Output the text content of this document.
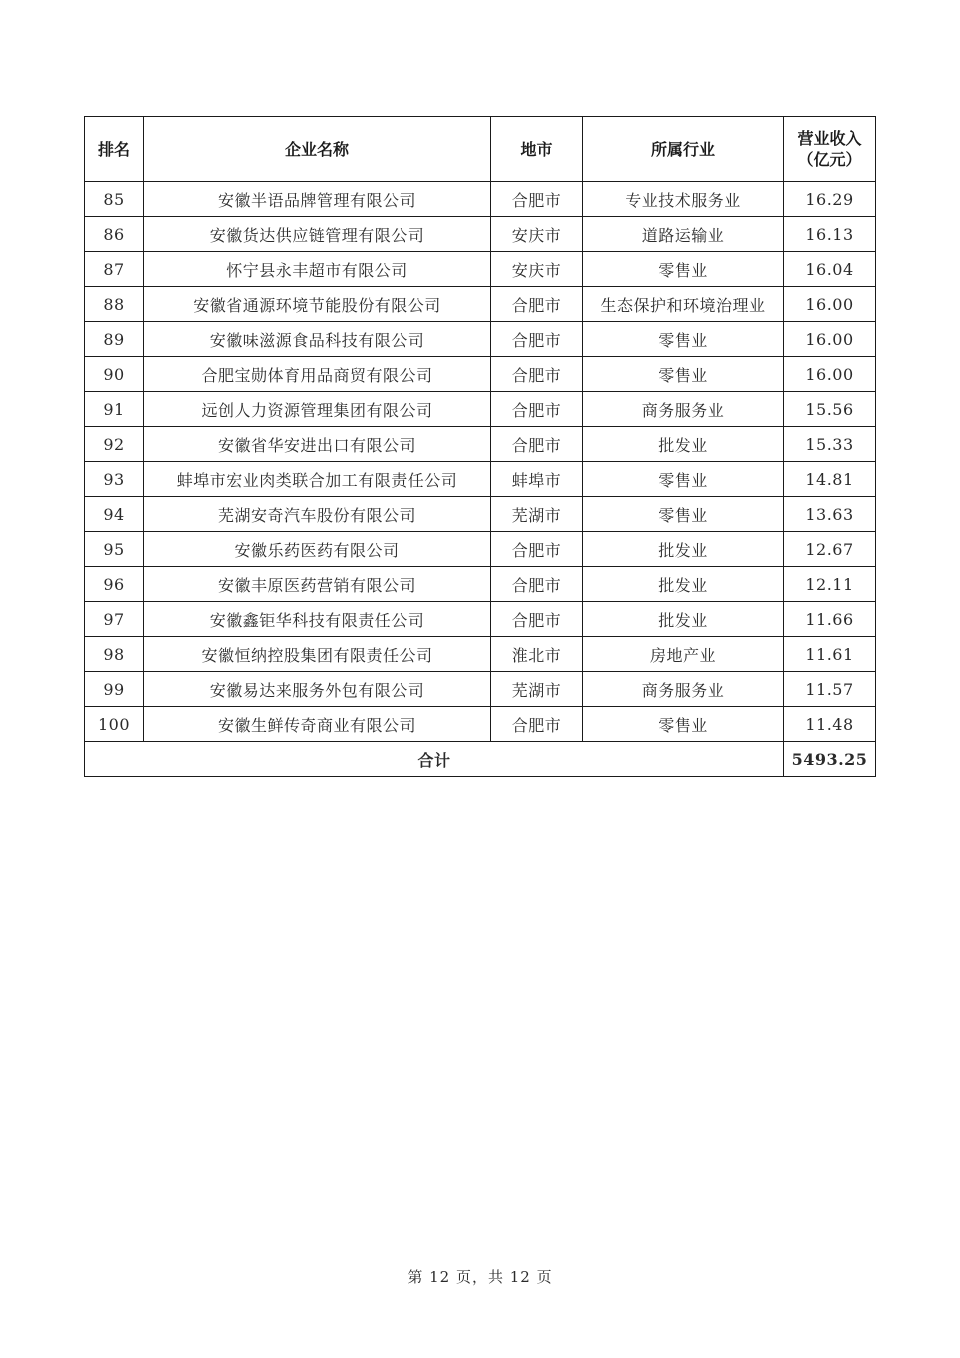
排名	企业名称	地市	所属行业	营业收入
（亿元）

85	安徽半语品牌管理有限公司	合肥市	专业技术服务业	16.29
86	安徽货达供应链管理有限公司	安庆市	道路运输业	16.13
87	怀宁县永丰超市有限公司	安庆市	零售业	16.04
88	安徽省通源环境节能股份有限公司	合肥市	生态保护和环境治理业	16.00
89	安徽味滋源食品科技有限公司	合肥市	零售业	16.00
90	合肥宝勋体育用品商贸有限公司	合肥市	零售业	16.00
91	远创人力资源管理集团有限公司	合肥市	商务服务业	15.56
92	安徽省华安进出口有限公司	合肥市	批发业	15.33
93	蚌埠市宏业肉类联合加工有限责任公司	蚌埠市	零售业	14.81
94	芜湖安奇汽车股份有限公司	芜湖市	零售业	13.63
95	安徽乐药医药有限公司	合肥市	批发业	12.67
96	安徽丰原医药营销有限公司	合肥市	批发业	12.11
97	安徽鑫钜华科技有限责任公司	合肥市	批发业	11.66
98	安徽恒纳控股集团有限责任公司	淮北市	房地产业	11.61
99	安徽易达来服务外包有限公司	芜湖市	商务服务业	11.57
100	安徽生鲜传奇商业有限公司	合肥市	零售业	11.48
合计				5493.25
第 12 页，共 12 页
